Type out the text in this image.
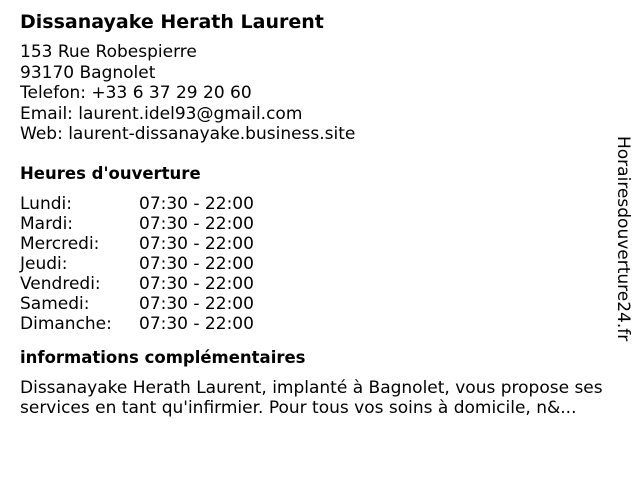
Dissanayake Herath Laurent
153 Rue Robespierre
93170 Bagnolet
Telefon: +33 6 37 29 20 60
Email: laurent.idel93@gmail.com
Web: laurent-dissanayake.business.site
Heures d'ouverture
Lundi:	07:30 - 22:00
Mardi:	07:30 - 22:00
Mercredi:	07:30 - 22:00
Jeudi:	07:30 - 22:00
Vendredi:	07:30 - 22:00
Samedi:	07:30 - 22:00
Dimanche:	07:30 - 22:00
informations complémentaires
Dissanayake Herath Laurent, implanté à Bagnolet, vous propose ses services en tant qu'infirmier. Pour tous vos soins à domicile, n&...
Horairesdouverture24.fr
